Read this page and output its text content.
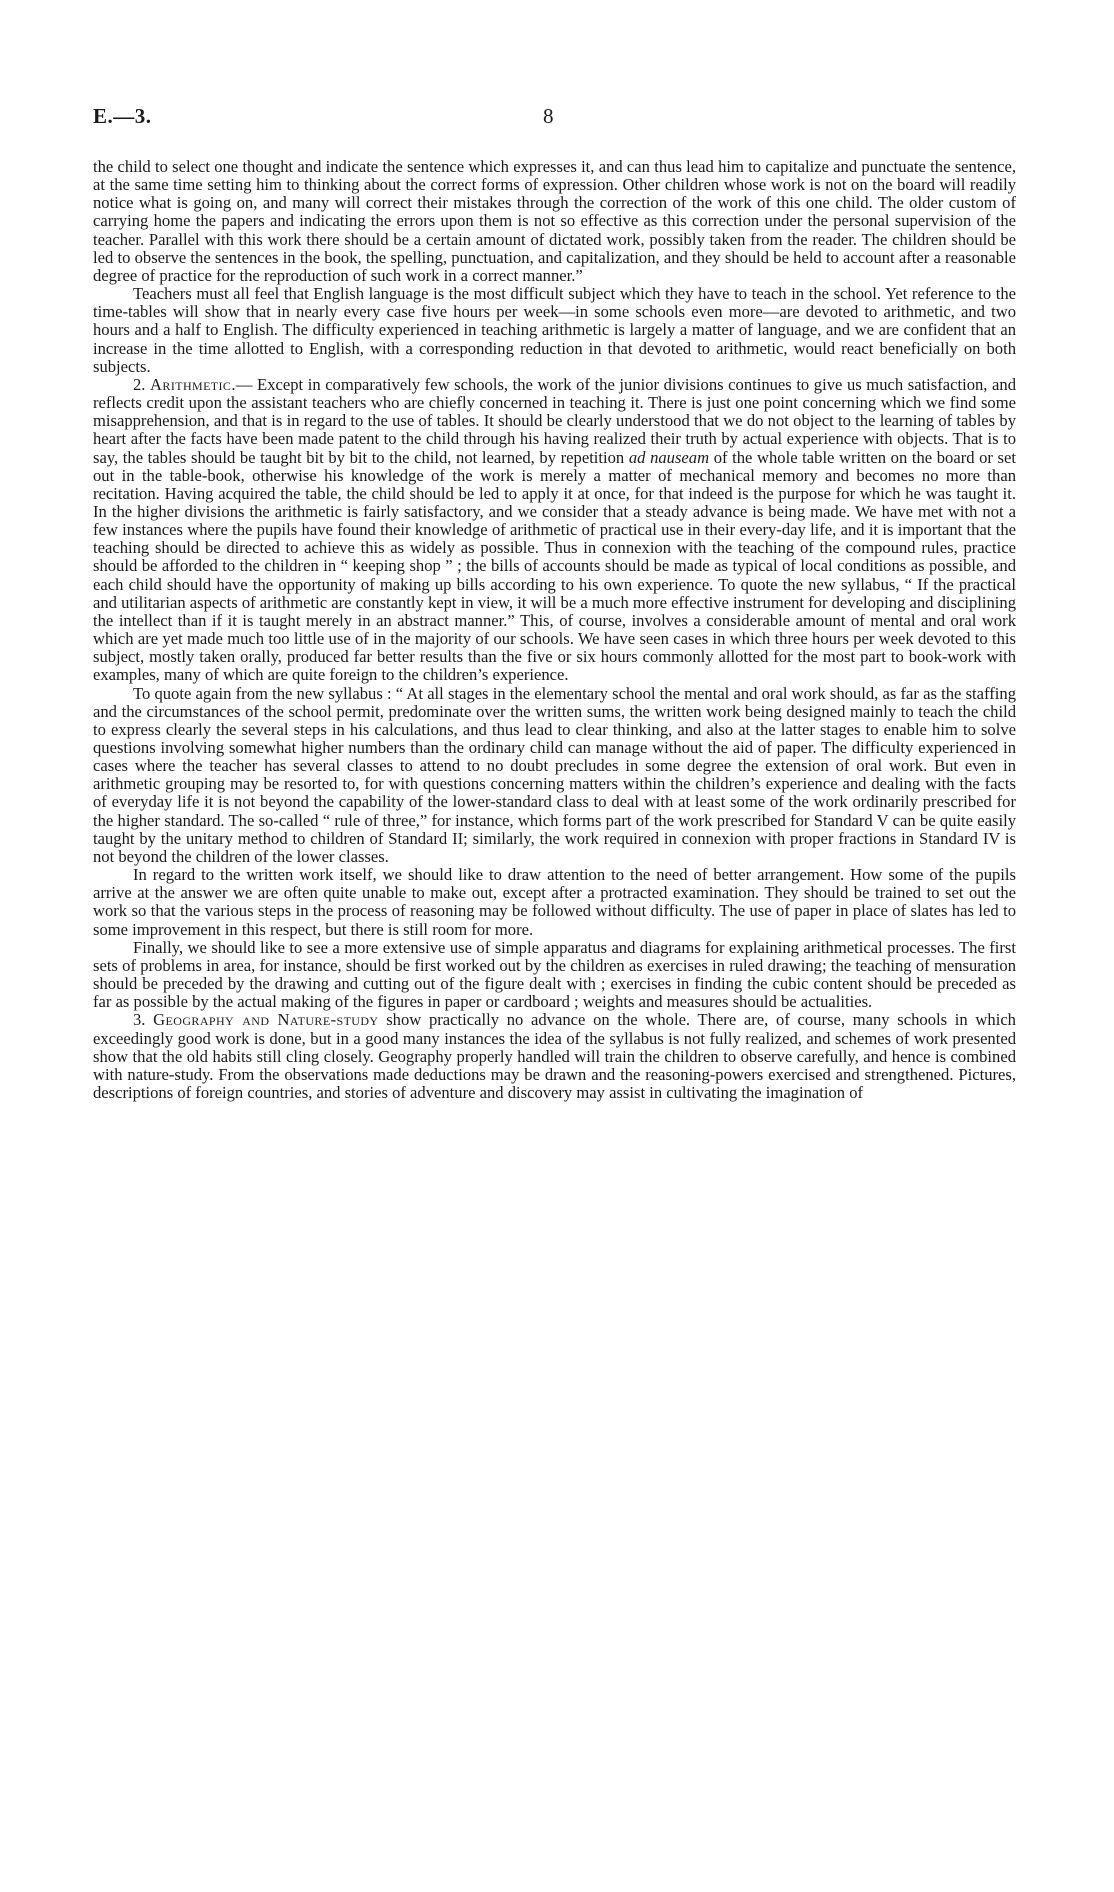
E.—3.	8

the child to select one thought and indicate the sentence which expresses it, and can thus lead him to capitalize and punctuate the sentence, at the same time setting him to thinking about the correct forms of expression. Other children whose work is not on the board will readily notice what is going on, and many will correct their mistakes through the correction of the work of this one child. The older custom of carrying home the papers and indicating the errors upon them is not so effective as this correction under the personal supervision of the teacher. Parallel with this work there should be a certain amount of dictated work, possibly taken from the reader. The children should be led to observe the sentences in the book, the spelling, punctuation, and capitalization, and they should be held to account after a reasonable degree of practice for the reproduction of such work in a correct manner.”

Teachers must all feel that English language is the most difficult subject which they have to teach in the school. Yet reference to the time-tables will show that in nearly every case five hours per week—in some schools even more—are devoted to arithmetic, and two hours and a half to English. The difficulty experienced in teaching arithmetic is largely a matter of language, and we are confident that an increase in the time allotted to English, with a corresponding reduction in that devoted to arithmetic, would react beneficially on both subjects.

2. Arithmetic.— Except in comparatively few schools, the work of the junior divisions continues to give us much satisfaction, and reflects credit upon the assistant teachers who are chiefly concerned in teaching it. There is just one point concerning which we find some misapprehension, and that is in regard to the use of tables. It should be clearly understood that we do not object to the learning of tables by heart after the facts have been made patent to the child through his having realized their truth by actual experience with objects. That is to say, the tables should be taught bit by bit to the child, not learned, by repetition ad nauseam of the whole table written on the board or set out in the table-book, otherwise his knowledge of the work is merely a matter of mechanical memory and becomes no more than recitation. Having acquired the table, the child should be led to apply it at once, for that indeed is the purpose for which he was taught it. In the higher divisions the arithmetic is fairly satisfactory, and we consider that a steady advance is being made. We have met with not a few instances where the pupils have found their knowledge of arithmetic of practical use in their every-day life, and it is important that the teaching should be directed to achieve this as widely as possible. Thus in connexion with the teaching of the compound rules, practice should be afforded to the children in “ keeping shop ” ; the bills of accounts should be made as typical of local conditions as possible, and each child should have the opportunity of making up bills according to his own experience. To quote the new syllabus, “ If the practical and utilitarian aspects of arithmetic are constantly kept in view, it will be a much more effective instrument for developing and disciplining the intellect than if it is taught merely in an abstract manner.” This, of course, involves a considerable amount of mental and oral work which are yet made much too little use of in the majority of our schools. We have seen cases in which three hours per week devoted to this subject, mostly taken orally, produced far better results than the five or six hours commonly allotted for the most part to book-work with examples, many of which are quite foreign to the children’s experience.

To quote again from the new syllabus : “ At all stages in the elementary school the mental and oral work should, as far as the staffing and the circumstances of the school permit, predominate over the written sums, the written work being designed mainly to teach the child to express clearly the several steps in his calculations, and thus lead to clear thinking, and also at the latter stages to enable him to solve questions involving somewhat higher numbers than the ordinary child can manage without the aid of paper. The difficulty experienced in cases where the teacher has several classes to attend to no doubt precludes in some degree the extension of oral work. But even in arithmetic grouping may be resorted to, for with questions concerning matters within the children’s experience and dealing with the facts of everyday life it is not beyond the capability of the lower-standard class to deal with at least some of the work ordinarily prescribed for the higher standard. The so-called “ rule of three,” for instance, which forms part of the work prescribed for Standard V can be quite easily taught by the unitary method to children of Standard II; similarly, the work required in connexion with proper fractions in Standard IV is not beyond the children of the lower classes.

In regard to the written work itself, we should like to draw attention to the need of better arrangement. How some of the pupils arrive at the answer we are often quite unable to make out, except after a protracted examination. They should be trained to set out the work so that the various steps in the process of reasoning may be followed without difficulty. The use of paper in place of slates has led to some improvement in this respect, but there is still room for more.

Finally, we should like to see a more extensive use of simple apparatus and diagrams for explaining arithmetical processes. The first sets of problems in area, for instance, should be first worked out by the children as exercises in ruled drawing; the teaching of mensuration should be preceded by the drawing and cutting out of the figure dealt with ; exercises in finding the cubic content should be preceded as far as possible by the actual making of the figures in paper or cardboard ; weights and measures should be actualities.

3. Geography and Nature-study show practically no advance on the whole. There are, of course, many schools in which exceedingly good work is done, but in a good many instances the idea of the syllabus is not fully realized, and schemes of work presented show that the old habits still cling closely. Geography properly handled will train the children to observe carefully, and hence is combined with nature-study. From the observations made deductions may be drawn and the reasoning-powers exercised and strengthened. Pictures, descriptions of foreign countries, and stories of adventure and discovery may assist in cultivating the imagination of
